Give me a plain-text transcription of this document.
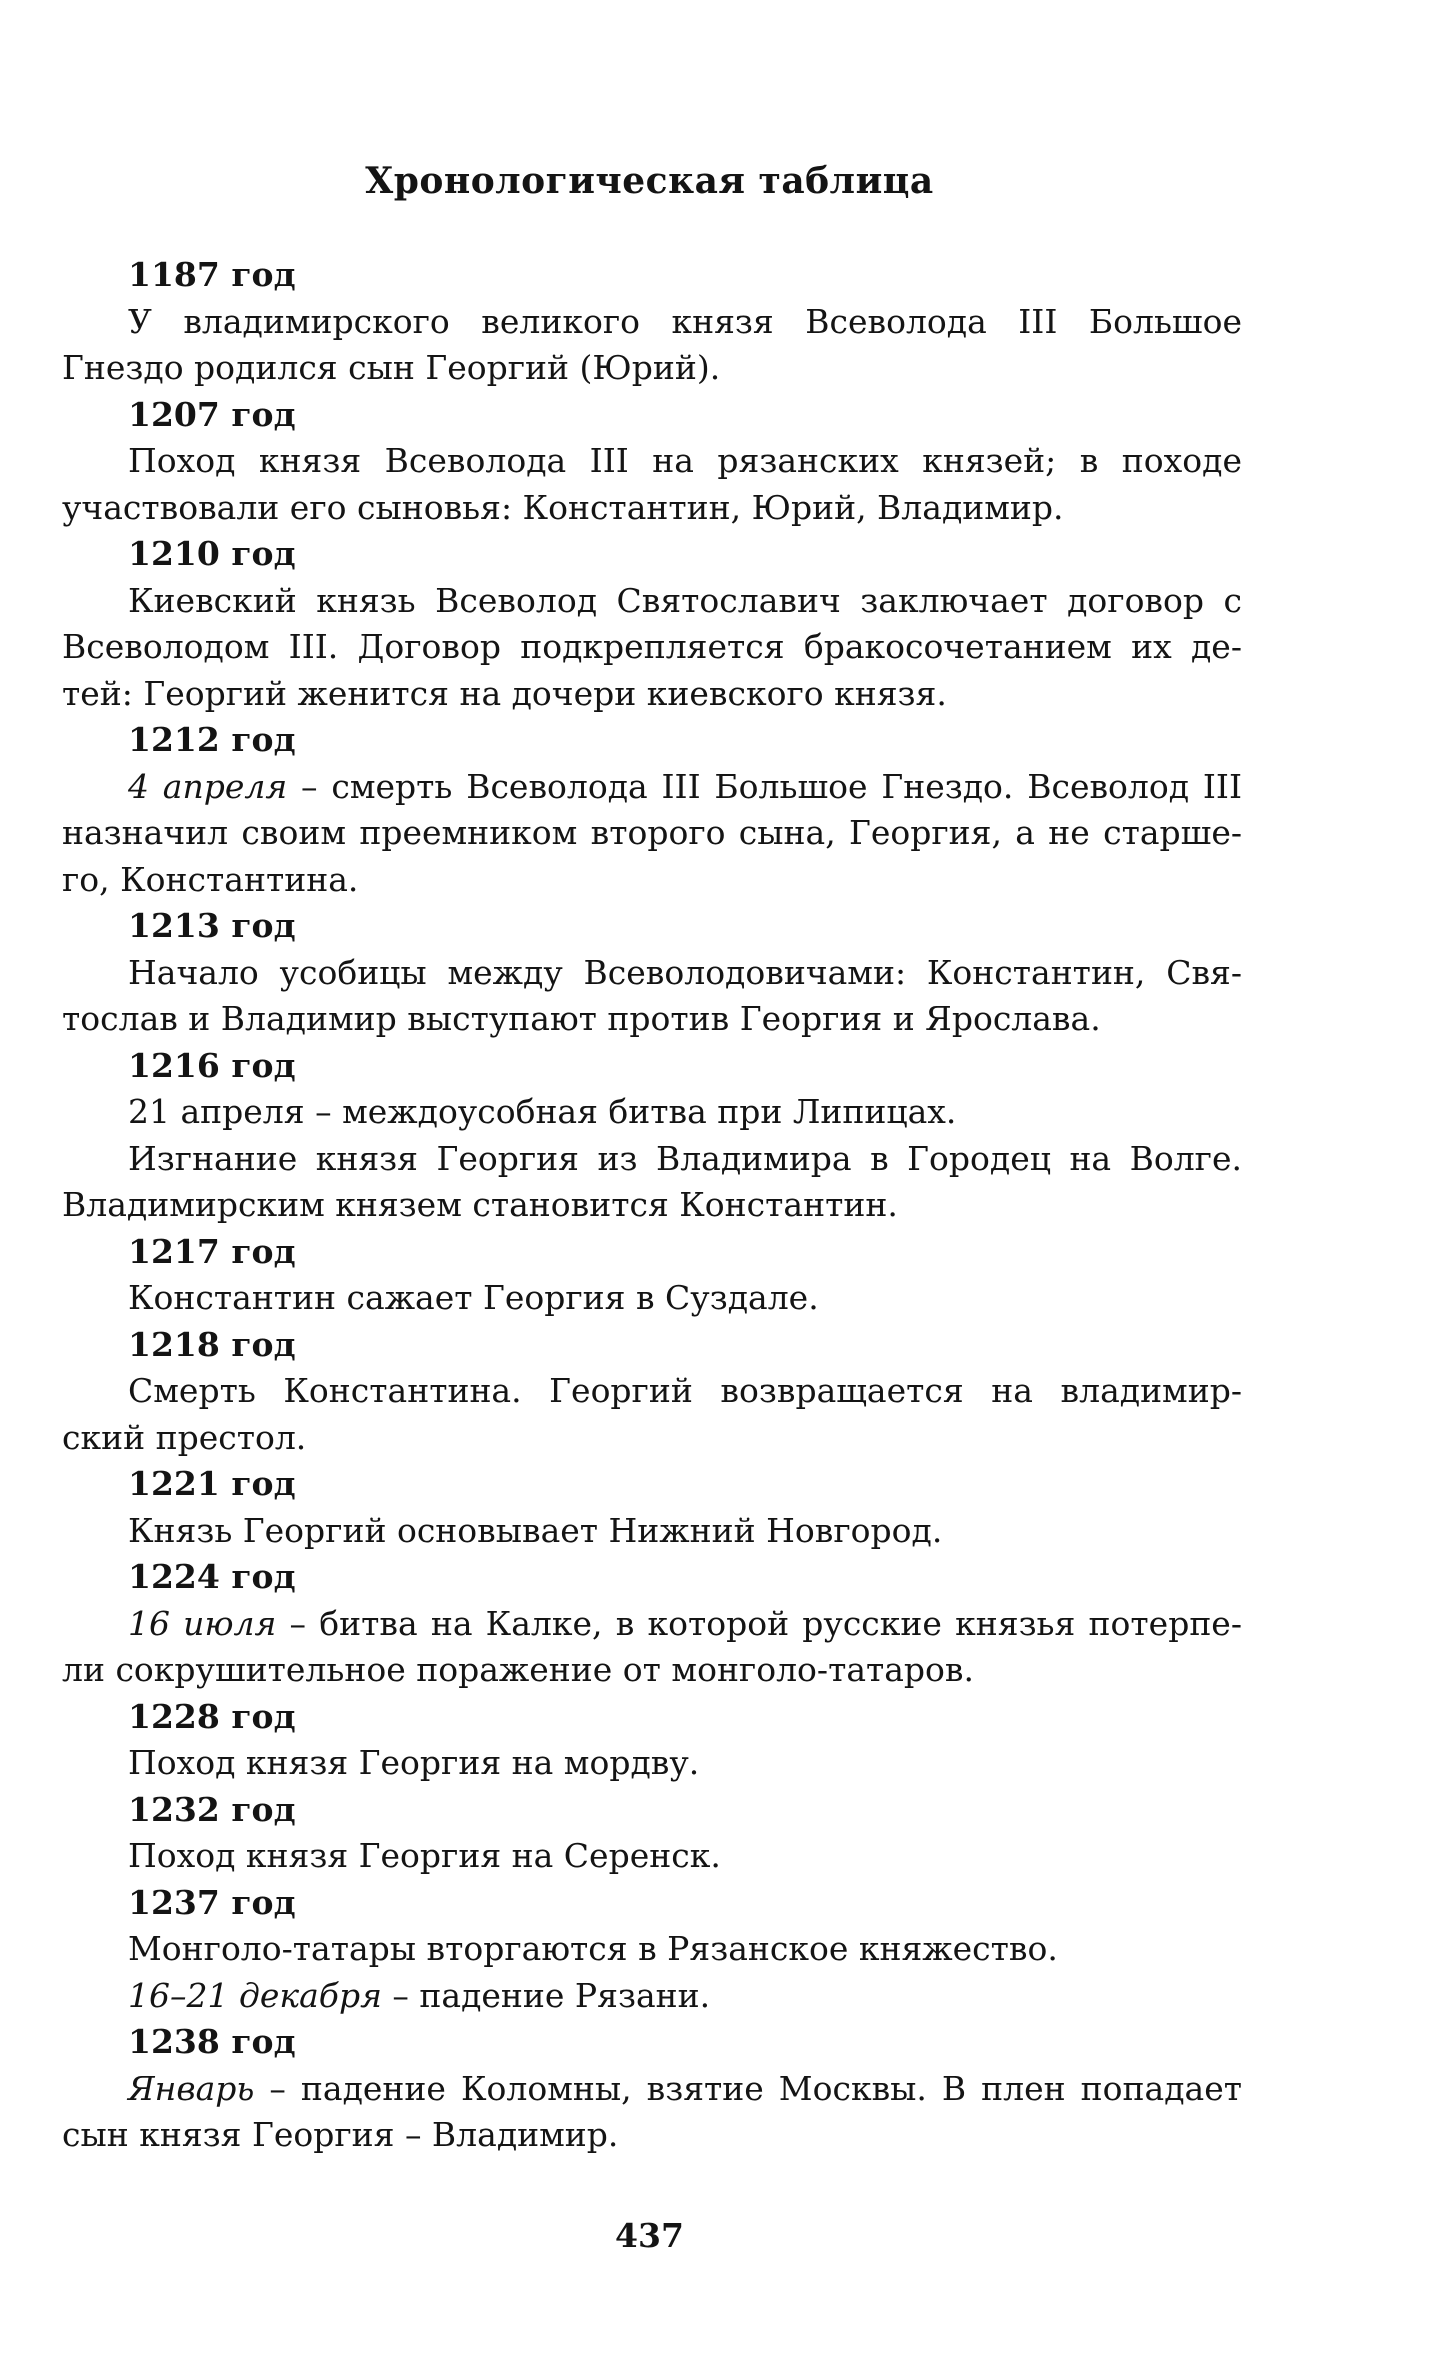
Хронологическая таблица
1187 год
У владимирского великого князя Всеволода III Большое
Гнездо родился сын Георгий (Юрий).
1207 год
Поход князя Всеволода III на рязанских князей; в походе
участвовали его сыновья: Константин, Юрий, Владимир.
1210 год
Киевский князь Всеволод Святославич заключает договор с
Всеволодом III. Договор подкрепляется бракосочетанием их де-
тей: Георгий женится на дочери киевского князя.
1212 год
4 апреля – смерть Всеволода III Большое Гнездо. Всеволод III
назначил своим преемником второго сына, Георгия, а не старше-
го, Константина.
1213 год
Начало усобицы между Всеволодовичами: Константин, Свя-
тослав и Владимир выступают против Георгия и Ярослава.
1216 год
21 апреля – междоусобная битва при Липицах.
Изгнание князя Георгия из Владимира в Городец на Волге.
Владимирским князем становится Константин.
1217 год
Константин сажает Георгия в Суздале.
1218 год
Смерть Константина. Георгий возвращается на владимир-
ский престол.
1221 год
Князь Георгий основывает Нижний Новгород.
1224 год
16 июля – битва на Калке, в которой русские князья потерпе-
ли сокрушительное поражение от монголо-татаров.
1228 год
Поход князя Георгия на мордву.
1232 год
Поход князя Георгия на Серенск.
1237 год
Монголо-татары вторгаются в Рязанское княжество.
16–21 декабря – падение Рязани.
1238 год
Январь – падение Коломны, взятие Москвы. В плен попадает
сын князя Георгия – Владимир.
437
